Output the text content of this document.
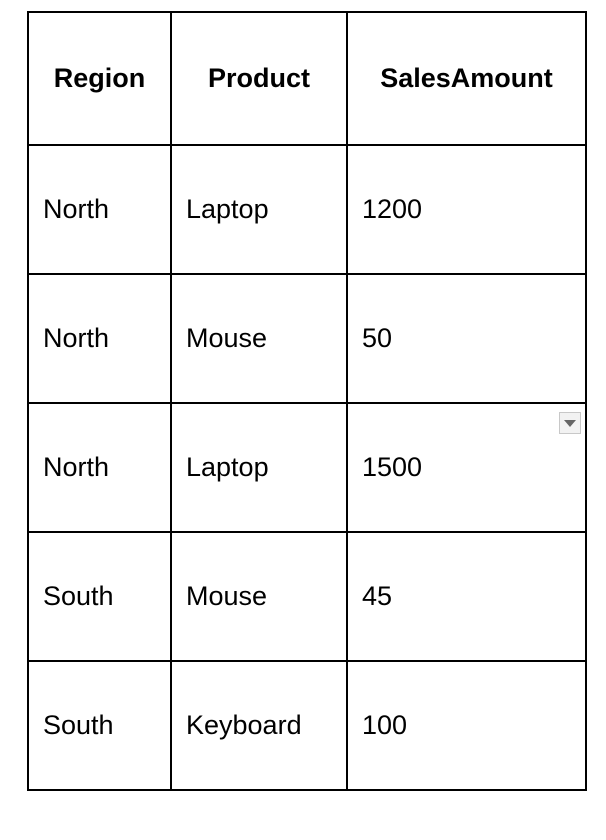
Region	Product	SalesAmount
North	Laptop	1200
North	Mouse	50
North	Laptop	1500

South	Mouse	45
South	Keyboard	100
